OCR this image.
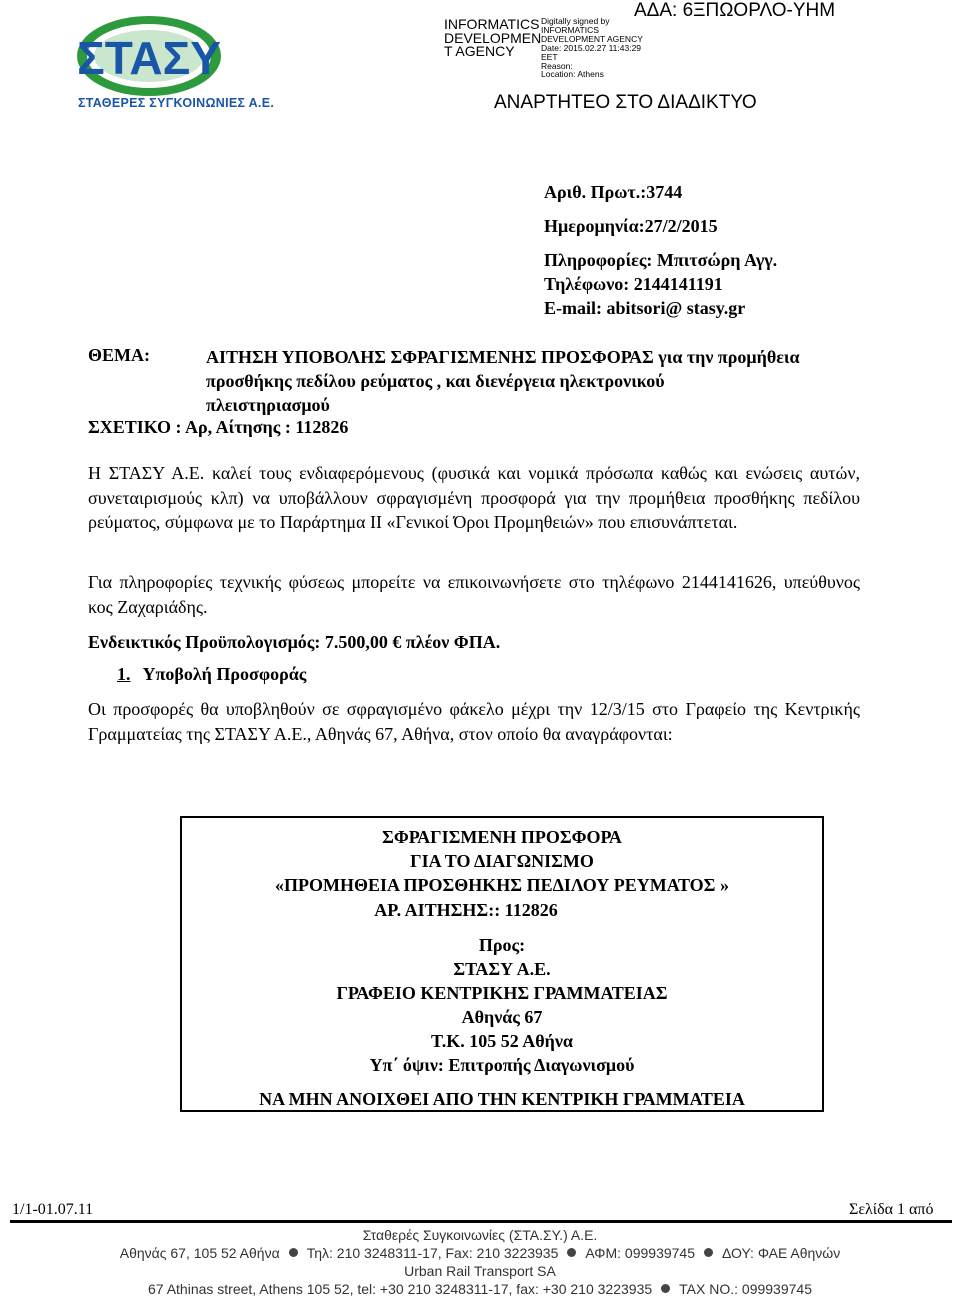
ΣΤΑΣΥ
ΣΤΑΘΕΡΕΣ ΣΥΓΚΟΙΝΩΝΙΕΣ Α.Ε.
INFORMATICS
DEVELOPMEN
T AGENCY
Digitally signed by
INFORMATICS
DEVELOPMENT AGENCY
Date: 2015.02.27 11:43:29
EET
Reason:
Location: Athens
ΑΔΑ: 6ΞΠΩΟΡΛΟ-ΥΗΜ
ΑΝΑΡΤΗΤΕΟ ΣΤΟ ΔΙΑΔΙΚΤΥΟ
Αριθ. Πρωτ.:3744
Ημερομηνία:27/2/2015
Πληροφορίες: Μπιτσώρη Αγγ.
Τηλέφωνο: 2144141191
E-mail: abitsori@ stasy.gr
ΘΕΜΑ:	ΑΙΤΗΣΗ ΥΠΟΒΟΛΗΣ ΣΦΡΑΓΙΣΜΕΝΗΣ ΠΡΟΣΦΟΡΑΣ για την προμήθεια
προσθήκης πεδίλου ρεύματος , και διενέργεια ηλεκτρονικού
πλειστηριασμού
ΣΧΕΤΙΚΟ : Αρ, Αίτησης : 112826
Η ΣΤΑΣΥ Α.Ε. καλεί τους ενδιαφερόμενους (φυσικά και νομικά πρόσωπα καθώς και ενώσεις αυτών, συνεταιρισμούς κλπ) να υποβάλλουν σφραγισμένη προσφορά για την προμήθεια προσθήκης πεδίλου ρεύματος, σύμφωνα με το Παράρτημα ΙΙ «Γενικοί Όροι Προμηθειών» που επισυνάπτεται.
Για πληροφορίες τεχνικής φύσεως μπορείτε να επικοινωνήσετε στο τηλέφωνο 2144141626, υπεύθυνος κος Ζαχαριάδης.
Ενδεικτικός Προϋπολογισμός: 7.500,00 € πλέον ΦΠΑ.
1. Υποβολή Προσφοράς
Οι προσφορές θα υποβληθούν σε σφραγισμένο φάκελο μέχρι την 12/3/15 στο Γραφείο της Κεντρικής Γραμματείας της ΣΤΑΣΥ Α.Ε., Αθηνάς 67, Αθήνα, στον οποίο θα αναγράφονται:
ΣΦΡΑΓΙΣΜΕΝΗ ΠΡΟΣΦΟΡΑ
ΓΙΑ ΤΟ ΔΙΑΓΩΝΙΣΜΟ
«ΠΡΟΜΗΘΕΙΑ ΠΡΟΣΘΗΚΗΣ ΠΕΔΙΛΟΥ ΡΕΥΜΑΤΟΣ »
ΑΡ. ΑΙΤΗΣΗΣ:: 112826
Προς:
ΣΤΑΣΥ Α.Ε.
ΓΡΑΦΕΙΟ ΚΕΝΤΡΙΚΗΣ ΓΡΑΜΜΑΤΕΙΑΣ
Αθηνάς 67
Τ.Κ. 105 52 Αθήνα
Υπ΄ όψιν: Επιτροπής Διαγωνισμού
ΝΑ ΜΗΝ ΑΝΟΙΧΘΕΙ ΑΠΟ ΤΗΝ ΚΕΝΤΡΙΚΗ ΓΡΑΜΜΑΤΕΙΑ
1/1-01.07.11	Σελίδα 1 από
Σταθερές Συγκοινωνίες (ΣΤΑ.ΣΥ.) Α.Ε.
Αθηνάς 67, 105 52 Αθήνα Τηλ: 210 3248311-17, Fax: 210 3223935 ΑΦΜ: 099939745 ΔΟΥ: ΦΑΕ Αθηνών
Urban Rail Transport SA
67 Athinas street, Athens 105 52, tel: +30 210 3248311-17, fax: +30 210 3223935 TAX NO.: 099939745
